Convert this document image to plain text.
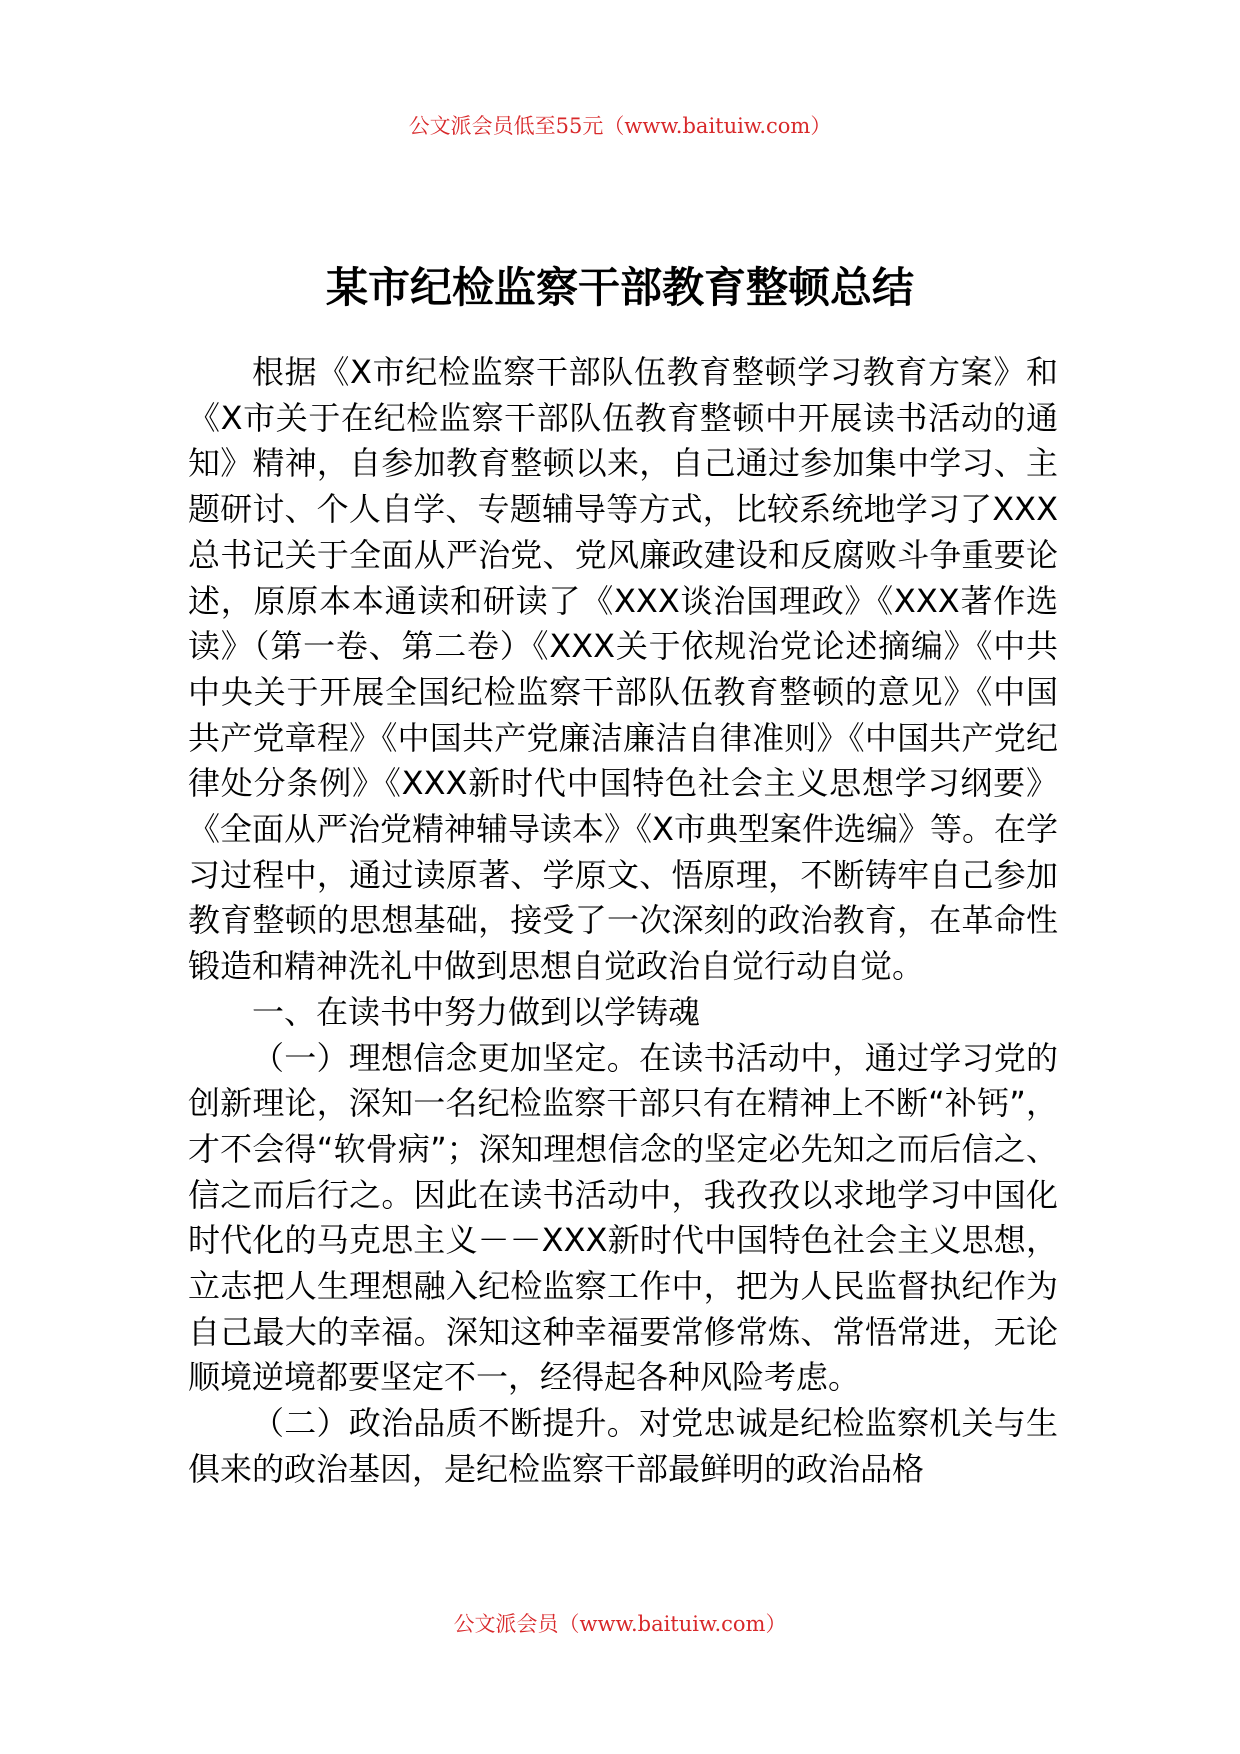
公文派会员低至55元（www.baituiw.com）
某市纪检监察干部教育整顿总结

根据《X市纪检监察干部队伍教育整顿学习教育方案》和《X市关于在纪检监察干部队伍教育整顿中开展读书活动的通知》精神，自参加教育整顿以来，自己通过参加集中学习、主题研讨、个人自学、专题辅导等方式，比较系统地学习了XXX总书记关于全面从严治党、党风廉政建设和反腐败斗争重要论述，原原本本通读和研读了《XXX谈治国理政》《XXX著作选读》（第一卷、第二卷）《XXX关于依规治党论述摘编》《中共中央关于开展全国纪检监察干部队伍教育整顿的意见》《中国共产党章程》《中国共产党廉洁廉洁自律准则》《中国共产党纪律处分条例》《XXX新时代中国特色社会主义思想学习纲要》《全面从严治党精神辅导读本》《X市典型案件选编》等。在学习过程中，通过读原著、学原文、悟原理，不断铸牢自己参加教育整顿的思想基础，接受了一次深刻的政治教育，在革命性锻造和精神洗礼中做到思想自觉政治自觉行动自觉。

一、在读书中努力做到以学铸魂

（一）理想信念更加坚定。在读书活动中，通过学习党的创新理论，深知一名纪检监察干部只有在精神上不断“补钙”，才不会得“软骨病”；深知理想信念的坚定必先知之而后信之、信之而后行之。因此在读书活动中，我孜孜以求地学习中国化时代化的马克思主义－－XXX新时代中国特色社会主义思想，立志把人生理想融入纪检监察工作中，把为人民监督执纪作为自己最大的幸福。深知这种幸福要常修常炼、常悟常进，无论顺境逆境都要坚定不一，经得起各种风险考虑。

（二）政治品质不断提升。对党忠诚是纪检监察机关与生俱来的政治基因，是纪检监察干部最鲜明的政治品格

公文派会员（www.baituiw.com）
